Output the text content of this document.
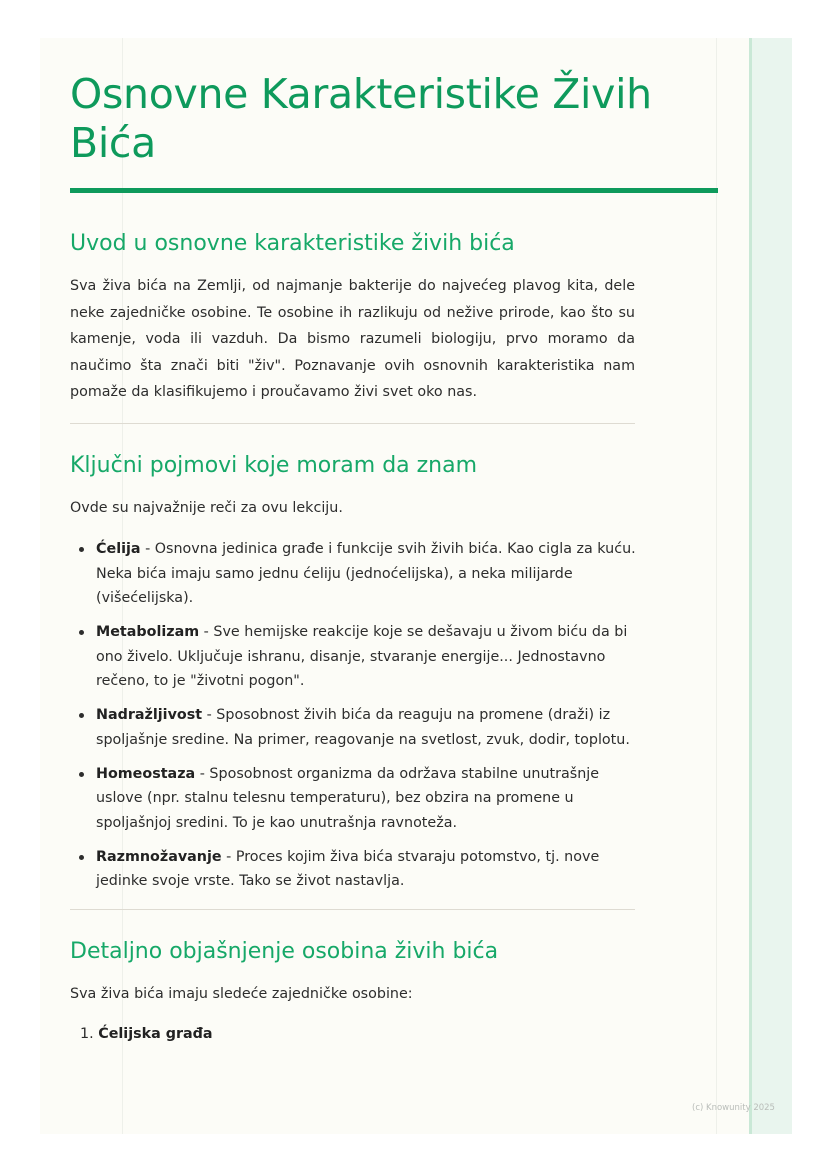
Osnovne Karakteristike Živih Bića
Uvod u osnovne karakteristike živih bića

Sva živa bića na Zemlji, od najmanje bakterije do najvećeg plavog kita, dele neke zajedničke osobine. Te osobine ih razlikuju od nežive prirode, kao što su kamenje, voda ili vazduh. Da bismo razumeli biologiju, prvo moramo da naučimo šta znači biti "živ". Poznavanje ovih osnovnih karakteristika nam pomaže da klasifikujemo i proučavamo živi svet oko nas.

Ključni pojmovi koje moram da znam

Ovde su najvažnije reči za ovu lekciju.

Ćelija - Osnovna jedinica građe i funkcije svih živih bića. Kao cigla za kuću. Neka bića imaju samo jednu ćeliju (jednoćelijska), a neka milijarde (višećelijska).
Metabolizam - Sve hemijske reakcije koje se dešavaju u živom biću da bi ono živelo. Uključuje ishranu, disanje, stvaranje energije... Jednostavno rečeno, to je "životni pogon".
Nadražljivost - Sposobnost živih bića da reaguju na promene (draži) iz spoljašnje sredine. Na primer, reagovanje na svetlost, zvuk, dodir, toplotu.
Homeostaza - Sposobnost organizma da održava stabilne unutrašnje uslove (npr. stalnu telesnu temperaturu), bez obzira na promene u spoljašnjoj sredini. To je kao unutrašnja ravnoteža.
Razmnožavanje - Proces kojim živa bića stvaraju potomstvo, tj. nove jedinke svoje vrste. Tako se život nastavlja.
Detaljno objašnjenje osobina živih bića

Sva živa bića imaju sledeće zajedničke osobine:

1. Ćelijska građa
(c) Knowunity 2025
